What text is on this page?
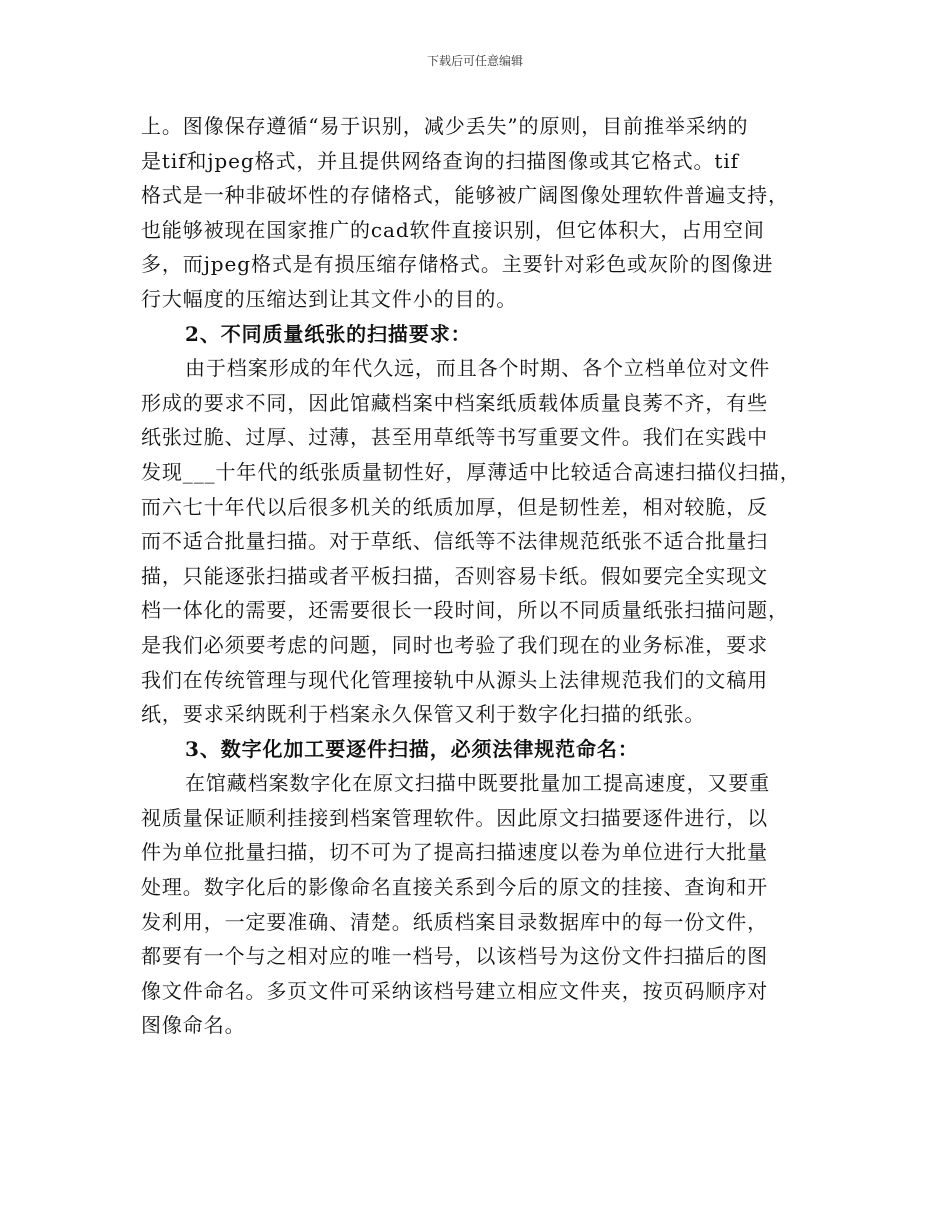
下载后可任意编辑
上。图像保存遵循“易于识别，减少丢失”的原则，目前推举采纳的
是tif和jpeg格式，并且提供网络查询的扫描图像或其它格式。tif
格式是一种非破坏性的存储格式，能够被广阔图像处理软件普遍支持，
也能够被现在国家推广的cad软件直接识别，但它体积大，占用空间
多，而jpeg格式是有损压缩存储格式。主要针对彩色或灰阶的图像进
行大幅度的压缩达到让其文件小的目的。
2、不同质量纸张的扫描要求：
由于档案形成的年代久远，而且各个时期、各个立档单位对文件
形成的要求不同，因此馆藏档案中档案纸质载体质量良莠不齐，有些
纸张过脆、过厚、过薄，甚至用草纸等书写重要文件。我们在实践中
发现___十年代的纸张质量韧性好，厚薄适中比较适合高速扫描仪扫描，
而六七十年代以后很多机关的纸质加厚，但是韧性差，相对较脆，反
而不适合批量扫描。对于草纸、信纸等不法律规范纸张不适合批量扫
描，只能逐张扫描或者平板扫描，否则容易卡纸。假如要完全实现文
档一体化的需要，还需要很长一段时间，所以不同质量纸张扫描问题，
是我们必须要考虑的问题，同时也考验了我们现在的业务标准，要求
我们在传统管理与现代化管理接轨中从源头上法律规范我们的文稿用
纸，要求采纳既利于档案永久保管又利于数字化扫描的纸张。
3、数字化加工要逐件扫描，必须法律规范命名：
在馆藏档案数字化在原文扫描中既要批量加工提高速度，又要重
视质量保证顺利挂接到档案管理软件。因此原文扫描要逐件进行，以
件为单位批量扫描，切不可为了提高扫描速度以卷为单位进行大批量
处理。数字化后的影像命名直接关系到今后的原文的挂接、查询和开
发利用，一定要准确、清楚。纸质档案目录数据库中的每一份文件，
都要有一个与之相对应的唯一档号，以该档号为这份文件扫描后的图
像文件命名。多页文件可采纳该档号建立相应文件夹，按页码顺序对
图像命名。
